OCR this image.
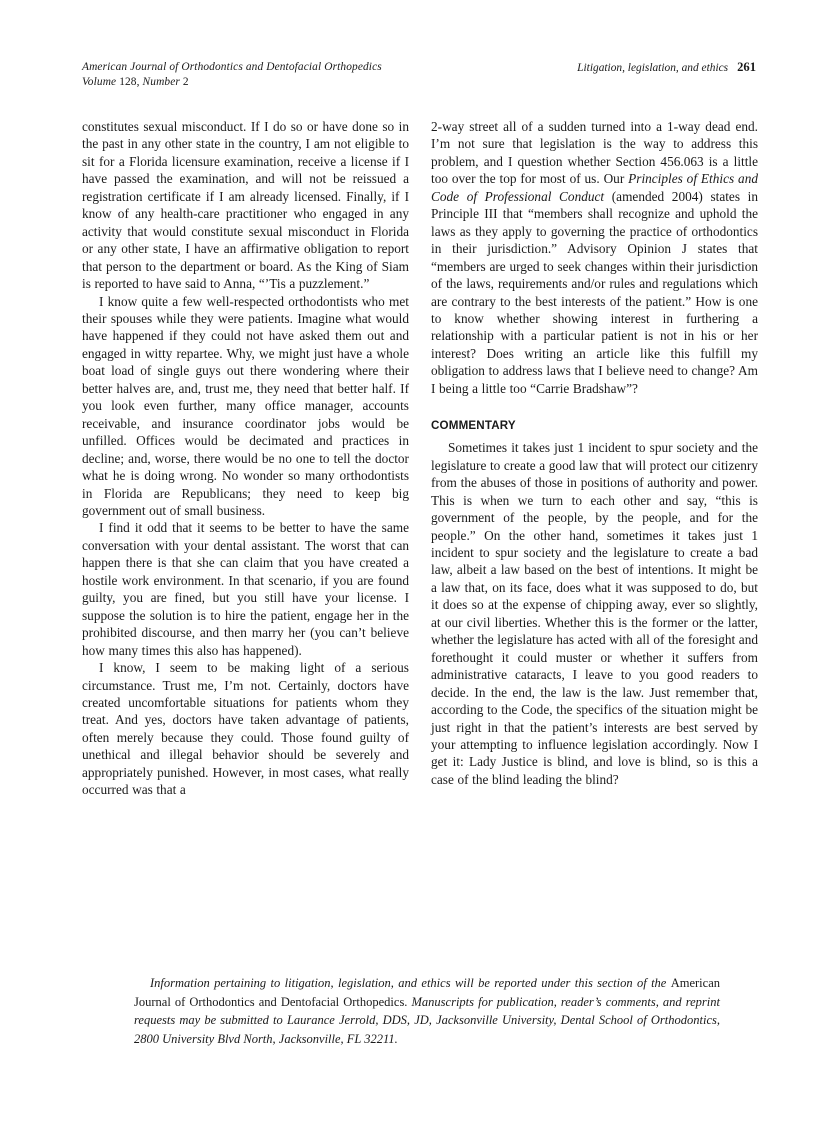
American Journal of Orthodontics and Dentofacial Orthopedics
Volume 128, Number 2
Litigation, legislation, and ethics 261

constitutes sexual misconduct. If I do so or have done so in the past in any other state in the country, I am not eligible to sit for a Florida licensure examination, receive a license if I have passed the examination, and will not be reissued a registration certificate if I am already licensed. Finally, if I know of any health-care practitioner who engaged in any activity that would constitute sexual misconduct in Florida or any other state, I have an affirmative obligation to report that person to the department or board. As the King of Siam is reported to have said to Anna, “’Tis a puzzlement.”

I know quite a few well-respected orthodontists who met their spouses while they were patients. Imagine what would have happened if they could not have asked them out and engaged in witty repartee. Why, we might just have a whole boat load of single guys out there wondering where their better halves are, and, trust me, they need that better half. If you look even further, many office manager, accounts receivable, and insurance coordinator jobs would be unfilled. Offices would be decimated and practices in decline; and, worse, there would be no one to tell the doctor what he is doing wrong. No wonder so many orthodontists in Florida are Republicans; they need to keep big government out of small business.

I find it odd that it seems to be better to have the same conversation with your dental assistant. The worst that can happen there is that she can claim that you have created a hostile work environment. In that scenario, if you are found guilty, you are fined, but you still have your license. I suppose the solution is to hire the patient, engage her in the prohibited discourse, and then marry her (you can’t believe how many times this also has happened).

I know, I seem to be making light of a serious circumstance. Trust me, I’m not. Certainly, doctors have created uncomfortable situations for patients whom they treat. And yes, doctors have taken advantage of patients, often merely because they could. Those found guilty of unethical and illegal behavior should be severely and appropriately punished. However, in most cases, what really occurred was that a

2-way street all of a sudden turned into a 1-way dead end. I’m not sure that legislation is the way to address this problem, and I question whether Section 456.063 is a little too over the top for most of us. Our Principles of Ethics and Code of Professional Conduct (amended 2004) states in Principle III that “members shall recognize and uphold the laws as they apply to governing the practice of orthodontics in their jurisdiction.” Advisory Opinion J states that “members are urged to seek changes within their jurisdiction of the laws, requirements and/or rules and regulations which are contrary to the best interests of the patient.” How is one to know whether showing interest in furthering a relationship with a particular patient is not in his or her interest? Does writing an article like this fulfill my obligation to address laws that I believe need to change? Am I being a little too “Carrie Bradshaw”?

COMMENTARY

Sometimes it takes just 1 incident to spur society and the legislature to create a good law that will protect our citizenry from the abuses of those in positions of authority and power. This is when we turn to each other and say, “this is government of the people, by the people, and for the people.” On the other hand, sometimes it takes just 1 incident to spur society and the legislature to create a bad law, albeit a law based on the best of intentions. It might be a law that, on its face, does what it was supposed to do, but it does so at the expense of chipping away, ever so slightly, at our civil liberties. Whether this is the former or the latter, whether the legislature has acted with all of the foresight and forethought it could muster or whether it suffers from administrative cataracts, I leave to you good readers to decide. In the end, the law is the law. Just remember that, according to the Code, the specifics of the situation might be just right in that the patient’s interests are best served by your attempting to influence legislation accordingly. Now I get it: Lady Justice is blind, and love is blind, so is this a case of the blind leading the blind?

Information pertaining to litigation, legislation, and ethics will be reported under this section of the American Journal of Orthodontics and Dentofacial Orthopedics. Manuscripts for publication, reader’s comments, and reprint requests may be submitted to Laurance Jerrold, DDS, JD, Jacksonville University, Dental School of Orthodontics, 2800 University Blvd North, Jacksonville, FL 32211.
